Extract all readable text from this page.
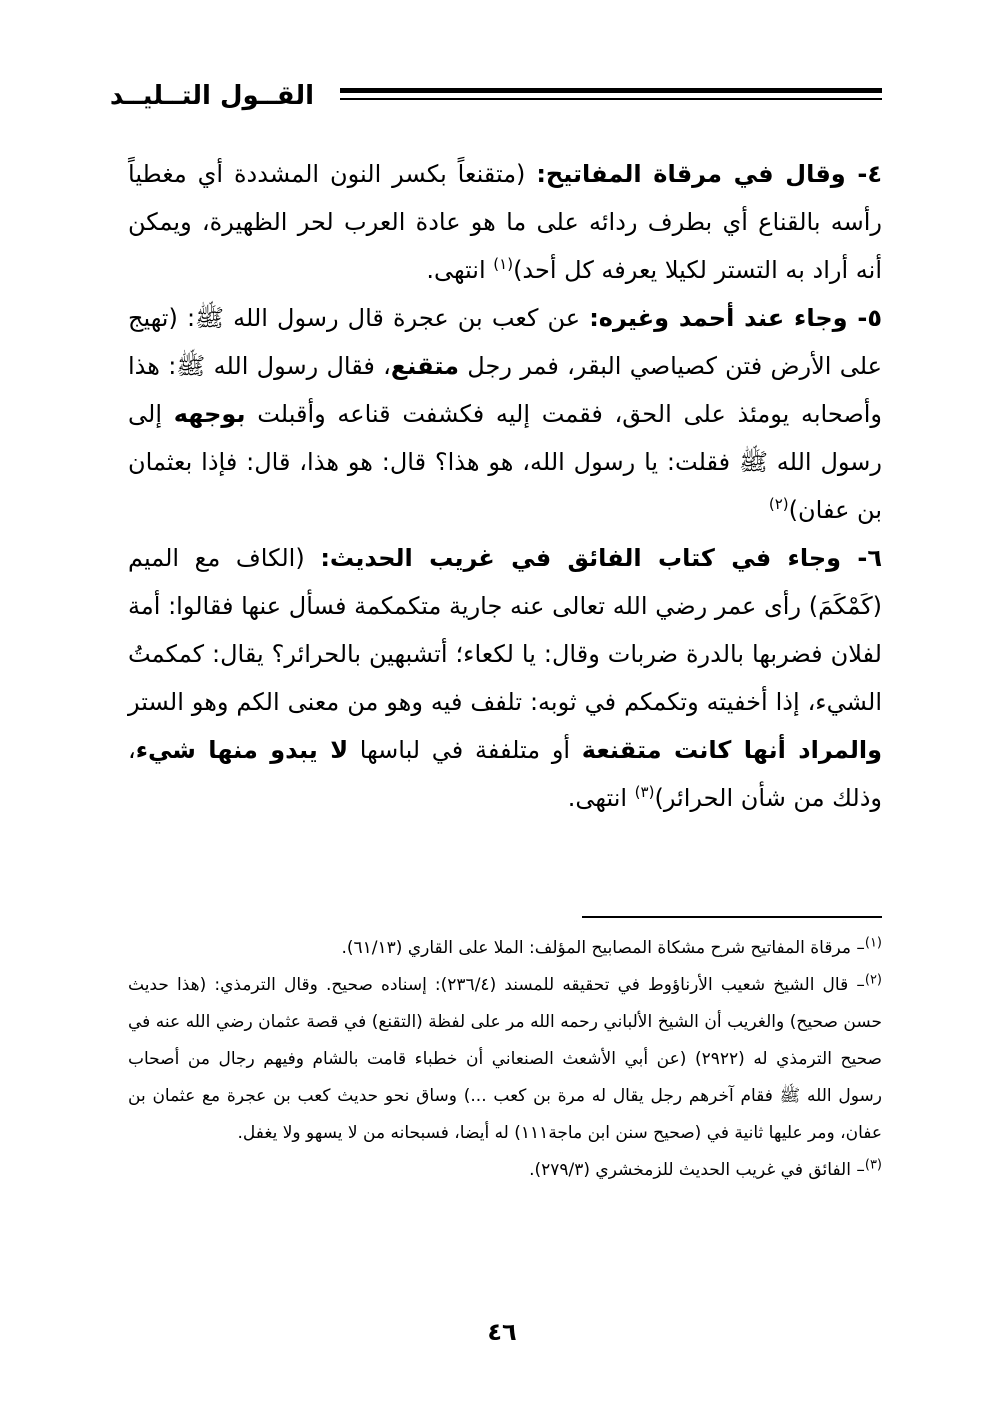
القــول التــليــد

٤- وقال في مرقاة المفاتيح: (متقنعاً بكسر النون المشددة أي مغطياً رأسه بالقناع أي بطرف ردائه على ما هو عادة العرب لحر الظهيرة، ويمكن أنه أراد به التستر لكيلا يعرفه كل أحد)$^{(١)}$ انتهى.

٥- وجاء عند أحمد وغيره: عن كعب بن عجرة قال رسول الله ﷺ: (تهيج على الأرض فتن كصياصي البقر، فمر رجل متقنع، فقال رسول الله ﷺ: هذا وأصحابه يومئذ على الحق، فقمت إليه فكشفت قناعه وأقبلت بوجهه إلى رسول الله ﷺ فقلت: يا رسول الله، هو هذا؟ قال: هو هذا، قال: فإذا بعثمان بن عفان)$^{(٢)}$

٦- وجاء في كتاب الفائق في غريب الحديث: (الكاف مع الميم (كَمْكَمَ) رأى عمر رضي الله تعالى عنه جارية متكمكمة فسأل عنها فقالوا: أمة لفلان فضربها بالدرة ضربات وقال: يا لكعاء؛ أتشبهين بالحرائر؟ يقال: كمكمتُ الشيء، إذا أخفيته وتكمكم في ثوبه: تلفف فيه وهو من معنى الكم وهو الستر والمراد أنها كانت متقنعة أو متلففة في لباسها لا يبدو منها شيء، وذلك من شأن الحرائر)$^{(٣)}$ انتهى.

$^{(١)}$– مرقاة المفاتيح شرح مشكاة المصابيح المؤلف: الملا على القاري (٦١/١٣).

$^{(٢)}$– قال الشيخ شعيب الأرناؤوط في تحقيقه للمسند (٢٣٦/٤): إسناده صحيح. وقال الترمذي: (هذا حديث حسن صحيح) والغريب أن الشيخ الألباني رحمه الله مر على لفظة (التقنع) في قصة عثمان رضي الله عنه في صحيح الترمذي له (٢٩٢٢) (عن أبي الأشعث الصنعاني أن خطباء قامت بالشام وفيهم رجال من أصحاب رسول الله ﷺ فقام آخرهم رجل يقال له مرة بن كعب ...) وساق نحو حديث كعب بن عجرة مع عثمان بن عفان، ومر عليها ثانية في (صحيح سنن ابن ماجة١١١) له أيضا، فسبحانه من لا يسهو ولا يغفل.

$^{(٣)}$– الفائق في غريب الحديث للزمخشري (٢٧٩/٣).

٤٦
